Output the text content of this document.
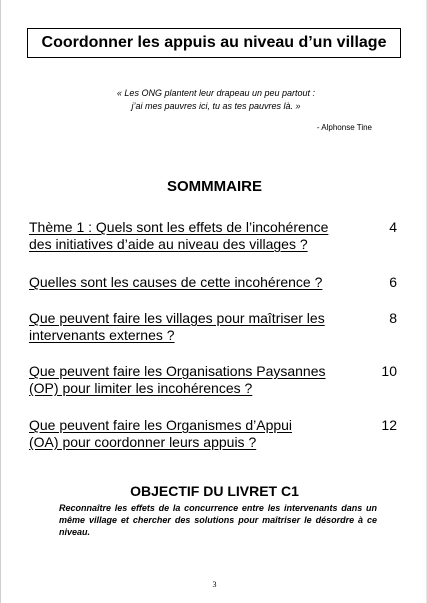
Coordonner les appuis au niveau d’un village
« Les ONG plantent leur drapeau un peu partout :
j’ai mes pauvres ici, tu as tes pauvres là. »
- Alphonse Tine
SOMMMAIRE
Thème 1 : Quels sont les effets de l’incohérence
des initiatives d’aide au niveau des villages ?
4
Quelles sont les causes de cette incohérence ?	6
Que peuvent faire les villages pour maîtriser les
intervenants externes ?
8
Que peuvent faire les Organisations Paysannes
(OP) pour limiter les incohérences ?
10
Que peuvent faire les Organismes d’Appui
(OA) pour coordonner leurs appuis ?
12
OBJECTIF DU LIVRET C1
Reconnaître les effets de la concurrence entre les intervenants dans un même village et chercher des solutions pour maîtriser le désordre à ce niveau.
3
